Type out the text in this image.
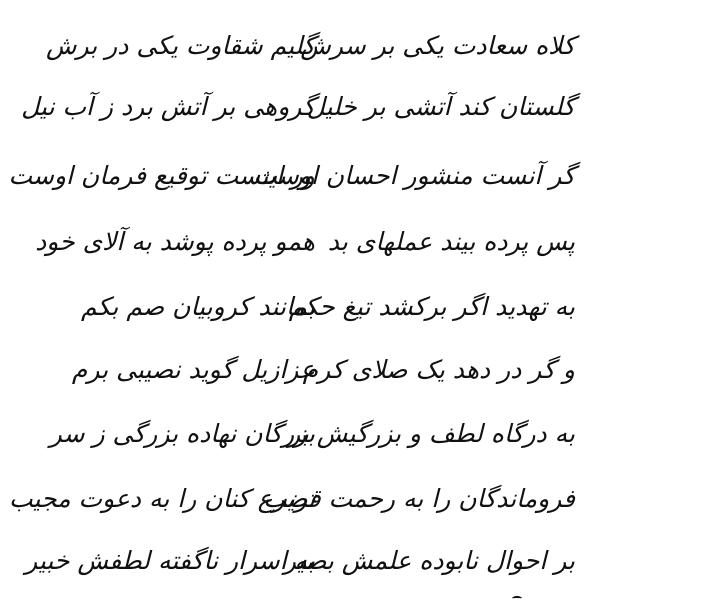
کلاه سعادت یکی بر سرش
گلیم شقاوت یکی در برش
گلستان کند آتشی بر خلیل
گروهی بر آتش برد ز آب نیل
گر آنست منشور احسان اوست
ور اینست توقیع فرمان اوست
پس پرده بیند عملهای بد
همو پرده پوشد به آلای خود
به تهدید اگر برکشد تیغ حکم
بمانند کروبیان صم بکم
و گر در دهد یک صلای کرم
عزازیل گوید نصیبی برم
به درگاه لطف و بزرگیش بر
بزرگان نهاده بزرگی ز سر
فروماندگان را به رحمت قریب
تضرع کنان را به دعوت مجیب
بر احوال نابوده علمش بصیر
به اسرار ناگفته لطفش خبیر
